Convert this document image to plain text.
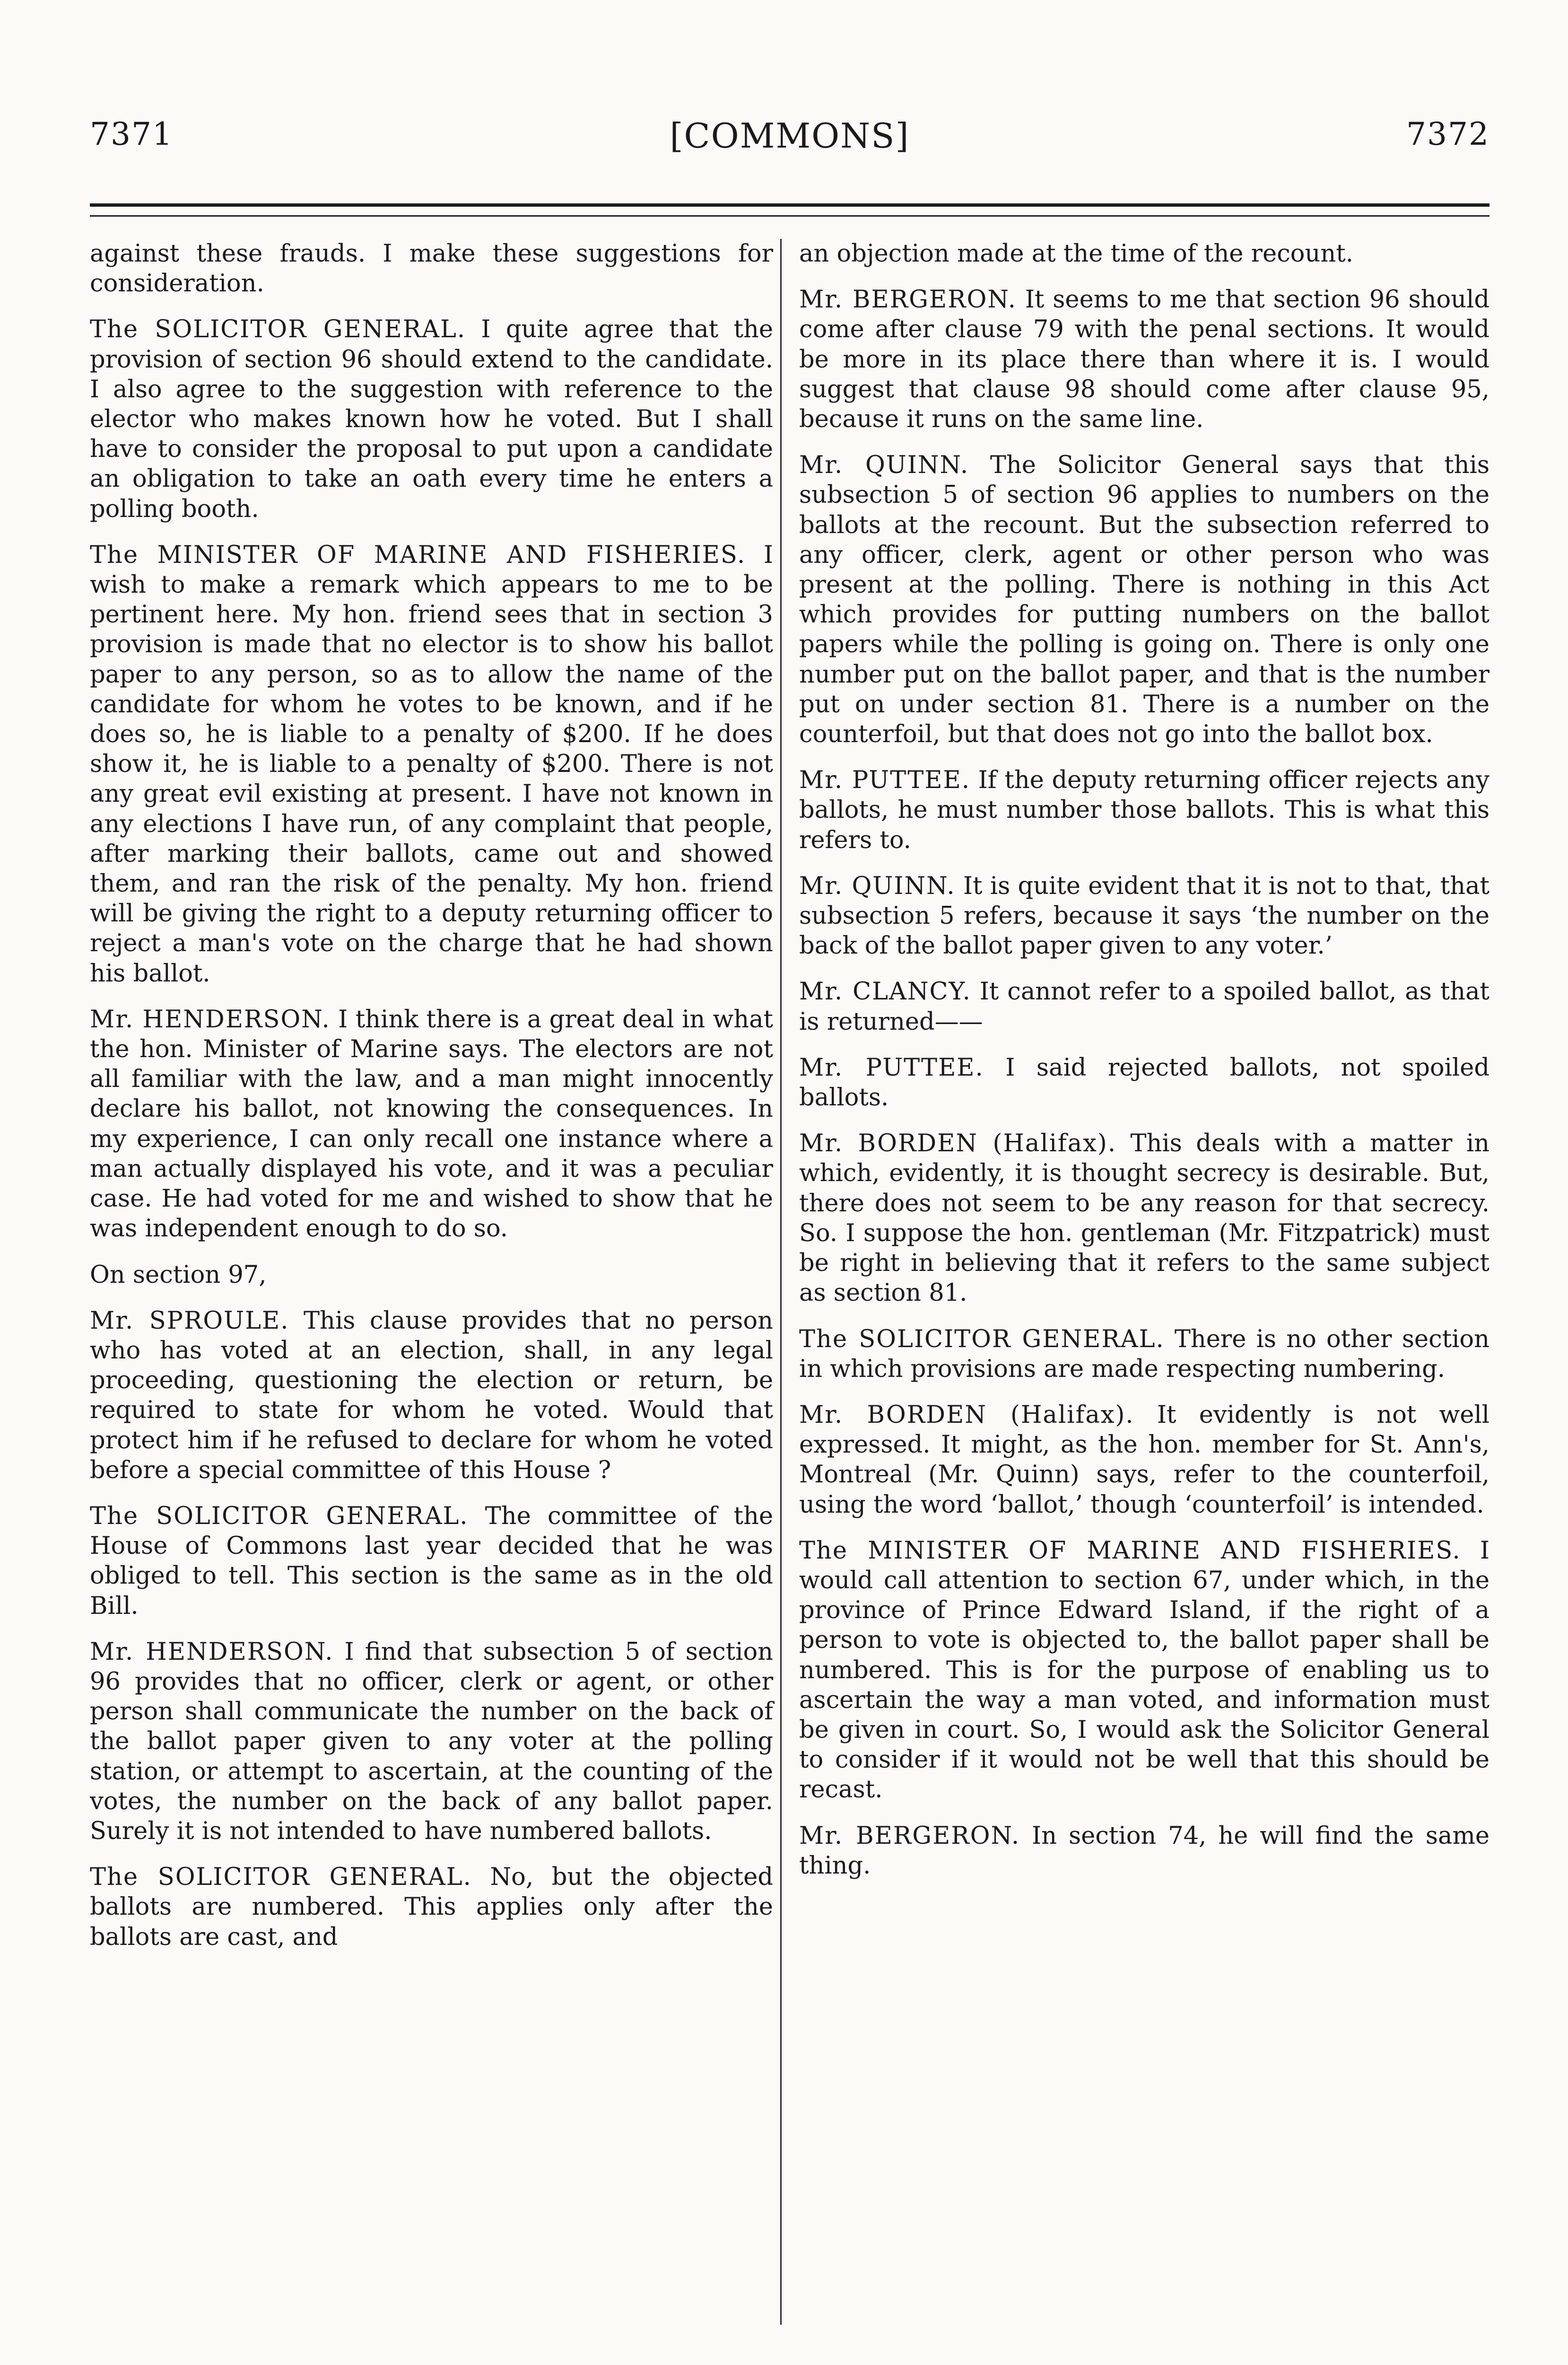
7371	[COMMONS]	7372

against these frauds. I make these suggestions for consideration.

The SOLICITOR GENERAL. I quite agree that the provision of section 96 should extend to the candidate. I also agree to the suggestion with reference to the elector who makes known how he voted. But I shall have to consider the proposal to put upon a candidate an obligation to take an oath every time he enters a polling booth.

The MINISTER OF MARINE AND FISHERIES. I wish to make a remark which appears to me to be pertinent here. My hon. friend sees that in section 3 provision is made that no elector is to show his ballot paper to any person, so as to allow the name of the candidate for whom he votes to be known, and if he does so, he is liable to a penalty of $200. If he does show it, he is liable to a penalty of $200. There is not any great evil existing at present. I have not known in any elections I have run, of any complaint that people, after marking their ballots, came out and showed them, and ran the risk of the penalty. My hon. friend will be giving the right to a deputy returning officer to reject a man's vote on the charge that he had shown his ballot.

Mr. HENDERSON. I think there is a great deal in what the hon. Minister of Marine says. The electors are not all familiar with the law, and a man might innocently declare his ballot, not knowing the consequences. In my experience, I can only recall one instance where a man actually displayed his vote, and it was a peculiar case. He had voted for me and wished to show that he was independent enough to do so.

On section 97,

Mr. SPROULE. This clause provides that no person who has voted at an election, shall, in any legal proceeding, questioning the election or return, be required to state for whom he voted. Would that protect him if he refused to declare for whom he voted before a special committee of this House ?

The SOLICITOR GENERAL. The committee of the House of Commons last year decided that he was obliged to tell. This section is the same as in the old Bill.

Mr. HENDERSON. I find that subsection 5 of section 96 provides that no officer, clerk or agent, or other person shall communicate the number on the back of the ballot paper given to any voter at the polling station, or attempt to ascertain, at the counting of the votes, the number on the back of any ballot paper. Surely it is not intended to have numbered ballots.

The SOLICITOR GENERAL. No, but the objected ballots are numbered. This applies only after the ballots are cast, and

an objection made at the time of the recount.

Mr. BERGERON. It seems to me that section 96 should come after clause 79 with the penal sections. It would be more in its place there than where it is. I would suggest that clause 98 should come after clause 95, because it runs on the same line.

Mr. QUINN. The Solicitor General says that this subsection 5 of section 96 applies to numbers on the ballots at the recount. But the subsection referred to any officer, clerk, agent or other person who was present at the polling. There is nothing in this Act which provides for putting numbers on the ballot papers while the polling is going on. There is only one number put on the ballot paper, and that is the number put on under section 81. There is a number on the counterfoil, but that does not go into the ballot box.

Mr. PUTTEE. If the deputy returning officer rejects any ballots, he must number those ballots. This is what this refers to.

Mr. QUINN. It is quite evident that it is not to that, that subsection 5 refers, because it says ‘the number on the back of the ballot paper given to any voter.’

Mr. CLANCY. It cannot refer to a spoiled ballot, as that is returned——

Mr. PUTTEE. I said rejected ballots, not spoiled ballots.

Mr. BORDEN (Halifax). This deals with a matter in which, evidently, it is thought secrecy is desirable. But, there does not seem to be any reason for that secrecy. So. I suppose the hon. gentleman (Mr. Fitzpatrick) must be right in believing that it refers to the same subject as section 81.

The SOLICITOR GENERAL. There is no other section in which provisions are made respecting numbering.

Mr. BORDEN (Halifax). It evidently is not well expressed. It might, as the hon. member for St. Ann's, Montreal (Mr. Quinn) says, refer to the counterfoil, using the word ‘ballot,’ though ‘counterfoil’ is intended.

The MINISTER OF MARINE AND FISHERIES. I would call attention to section 67, under which, in the province of Prince Edward Island, if the right of a person to vote is objected to, the ballot paper shall be numbered. This is for the purpose of enabling us to ascertain the way a man voted, and information must be given in court. So, I would ask the Solicitor General to consider if it would not be well that this should be recast.

Mr. BERGERON. In section 74, he will find the same thing.
